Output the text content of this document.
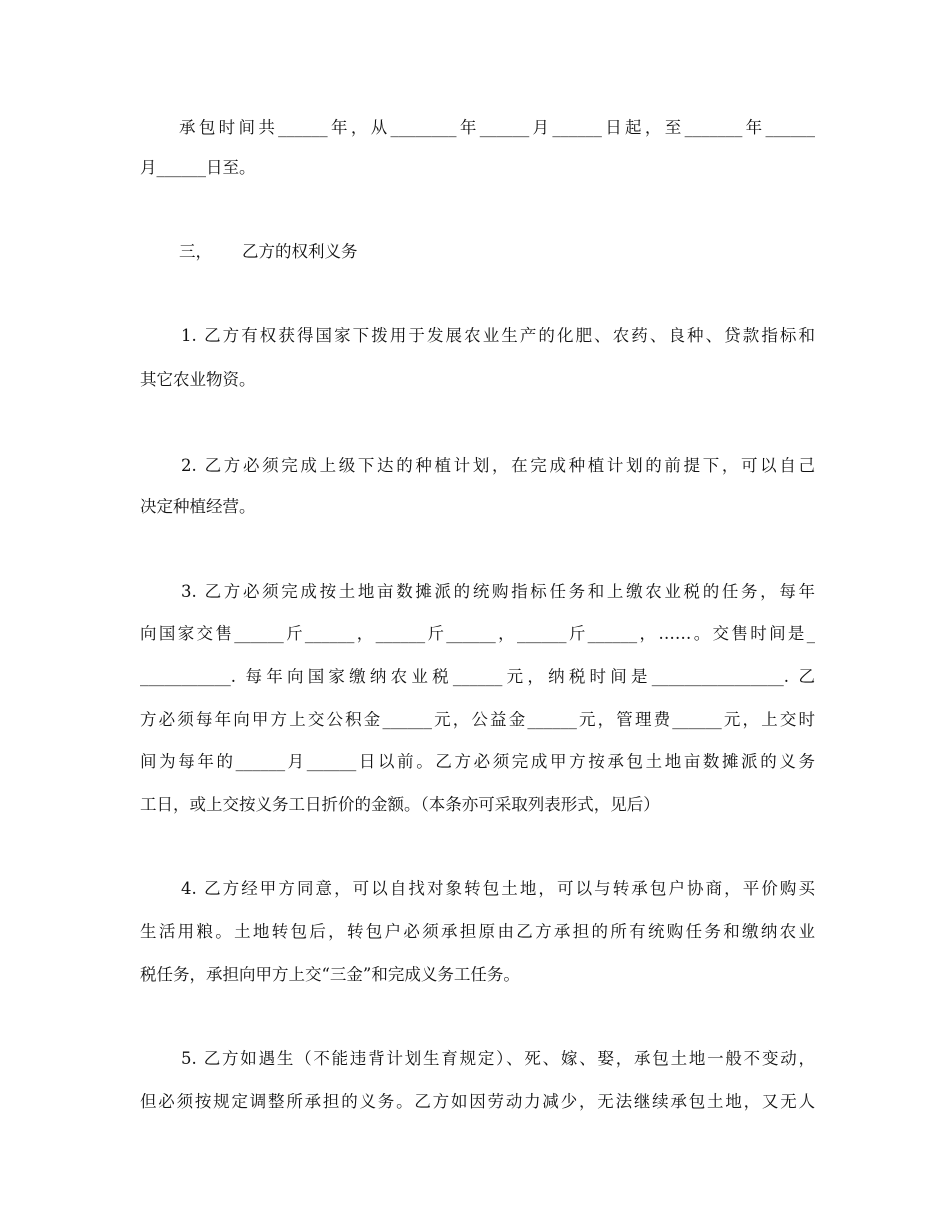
承包时间共______年，从________年______月______日起，至_______年______
月______日至。
三， 乙方的权利义务
1. 乙方有权获得国家下拨用于发展农业生产的化肥、农药、良种、贷款指标和
其它农业物资。
2. 乙方必须完成上级下达的种植计划，在完成种植计划的前提下，可以自己
决定种植经营。
3. 乙方必须完成按土地亩数摊派的统购指标任务和上缴农业税的任务，每年
向国家交售______斤______，______斤______，______斤______，……。交售时间是_
___________. 每年向国家缴纳农业税______元，纳税时间是________________. 乙
方必须每年向甲方上交公积金______元，公益金______元，管理费______元，上交时
间为每年的______月______日以前。乙方必须完成甲方按承包土地亩数摊派的义务
工日，或上交按义务工日折价的金额。（本条亦可采取列表形式，见后）
4. 乙方经甲方同意，可以自找对象转包土地，可以与转承包户协商，平价购买
生活用粮。土地转包后，转包户必须承担原由乙方承担的所有统购任务和缴纳农业
税任务，承担向甲方上交“三金”和完成义务工任务。
5. 乙方如遇生（不能违背计划生育规定）、死、嫁、娶，承包土地一般不变动，
但必须按规定调整所承担的义务。乙方如因劳动力减少，无法继续承包土地，又无人
